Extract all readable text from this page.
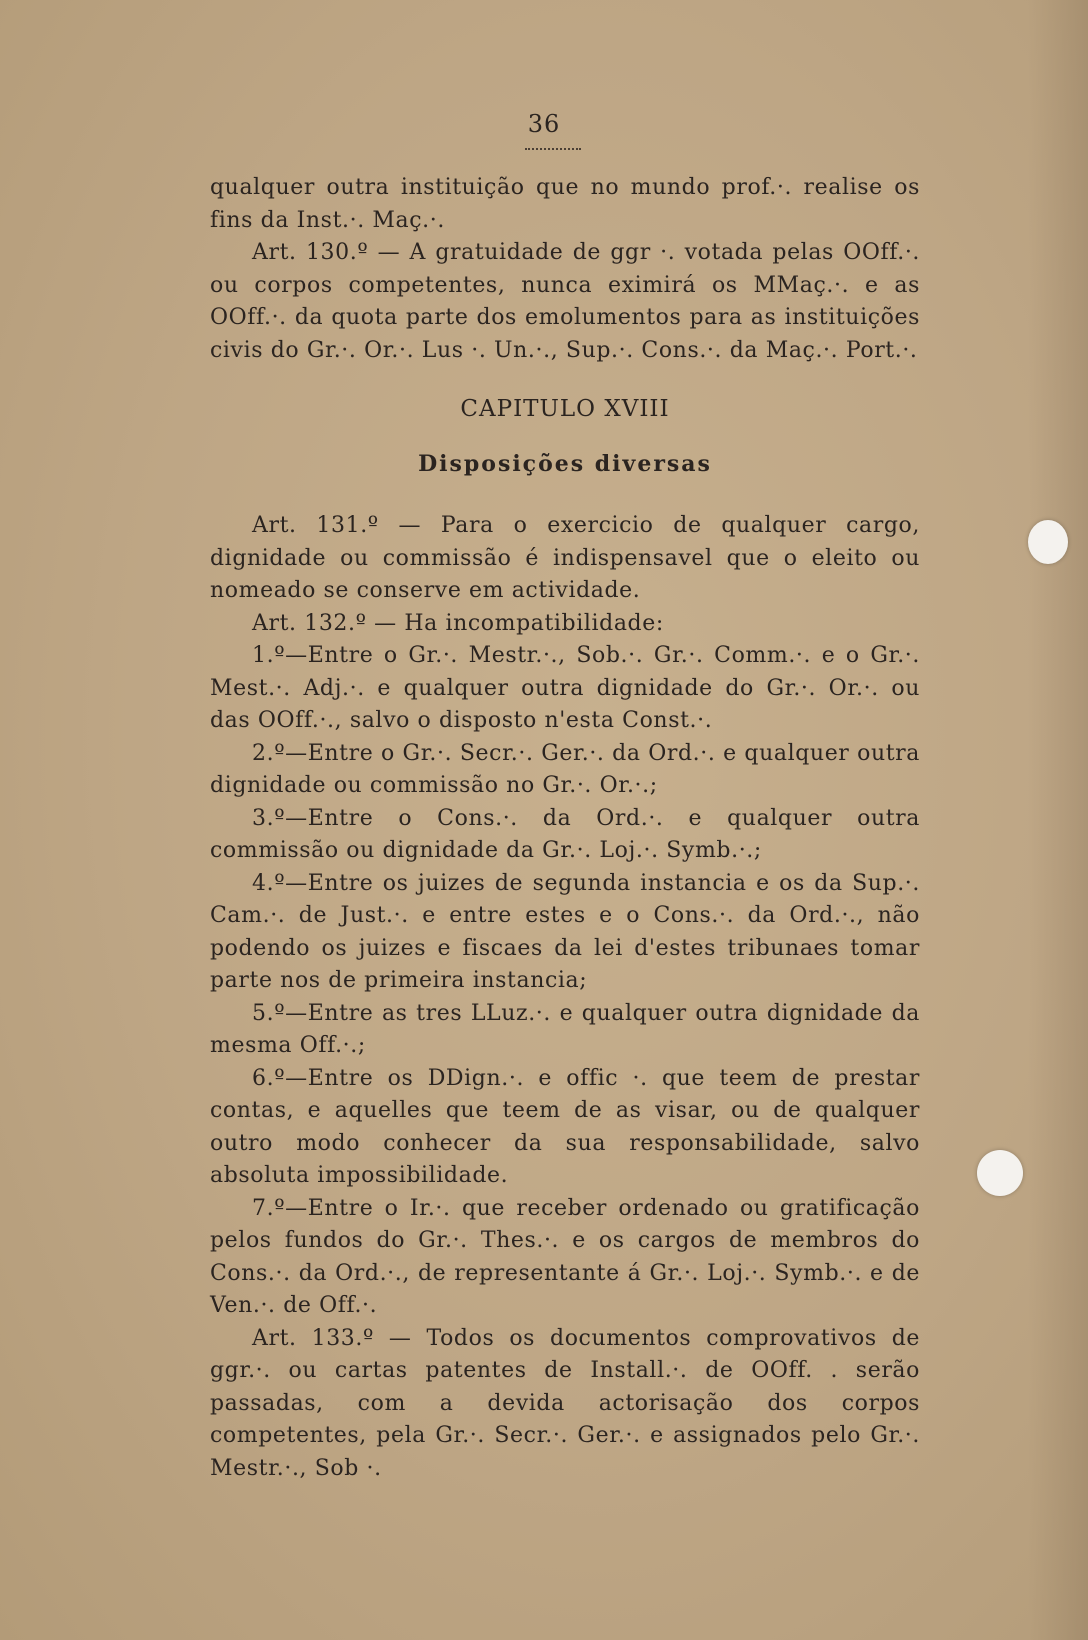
36

qualquer outra instituição que no mundo prof.·. realise os fins da Inst.·. Maç.·.

Art. 130.º — A gratuidade de ggr ·. votada pelas OOff.·. ou corpos competentes, nunca eximirá os MMaç.·. e as OOff.·. da quota parte dos emolumentos para as instituições civis do Gr.·. Or.·. Lus ·. Un.·., Sup.·. Cons.·. da Maç.·. Port.·.

CAPITULO XVIII

Disposições diversas

Art. 131.º — Para o exercicio de qualquer cargo, dignidade ou commissão é indispensavel que o eleito ou nomeado se conserve em actividade.

Art. 132.º — Ha incompatibilidade:

1.º—Entre o Gr.·. Mestr.·., Sob.·. Gr.·. Comm.·. e o Gr.·. Mest.·. Adj.·. e qualquer outra dignidade do Gr.·. Or.·. ou das OOff.·., salvo o disposto n'esta Const.·.

2.º—Entre o Gr.·. Secr.·. Ger.·. da Ord.·. e qualquer outra dignidade ou commissão no Gr.·. Or.·.;

3.º—Entre o Cons.·. da Ord.·. e qualquer outra commissão ou dignidade da Gr.·. Loj.·. Symb.·.;

4.º—Entre os juizes de segunda instancia e os da Sup.·. Cam.·. de Just.·. e entre estes e o Cons.·. da Ord.·., não podendo os juizes e fiscaes da lei d'estes tribunaes tomar parte nos de primeira instancia;

5.º—Entre as tres LLuz.·. e qualquer outra dignidade da mesma Off.·.;

6.º—Entre os DDign.·. e offic ·. que teem de prestar contas, e aquelles que teem de as visar, ou de qualquer outro modo conhecer da sua responsabilidade, salvo absoluta impossibilidade.

7.º—Entre o Ir.·. que receber ordenado ou gratificação pelos fundos do Gr.·. Thes.·. e os cargos de membros do Cons.·. da Ord.·., de representante á Gr.·. Loj.·. Symb.·. e de Ven.·. de Off.·.

Art. 133.º — Todos os documentos comprovativos de ggr.·. ou cartas patentes de Install.·. de OOff. . serão passadas, com a devida actorisação dos corpos competentes, pela Gr.·. Secr.·. Ger.·. e assignados pelo Gr.·. Mestr.·., Sob ·.
